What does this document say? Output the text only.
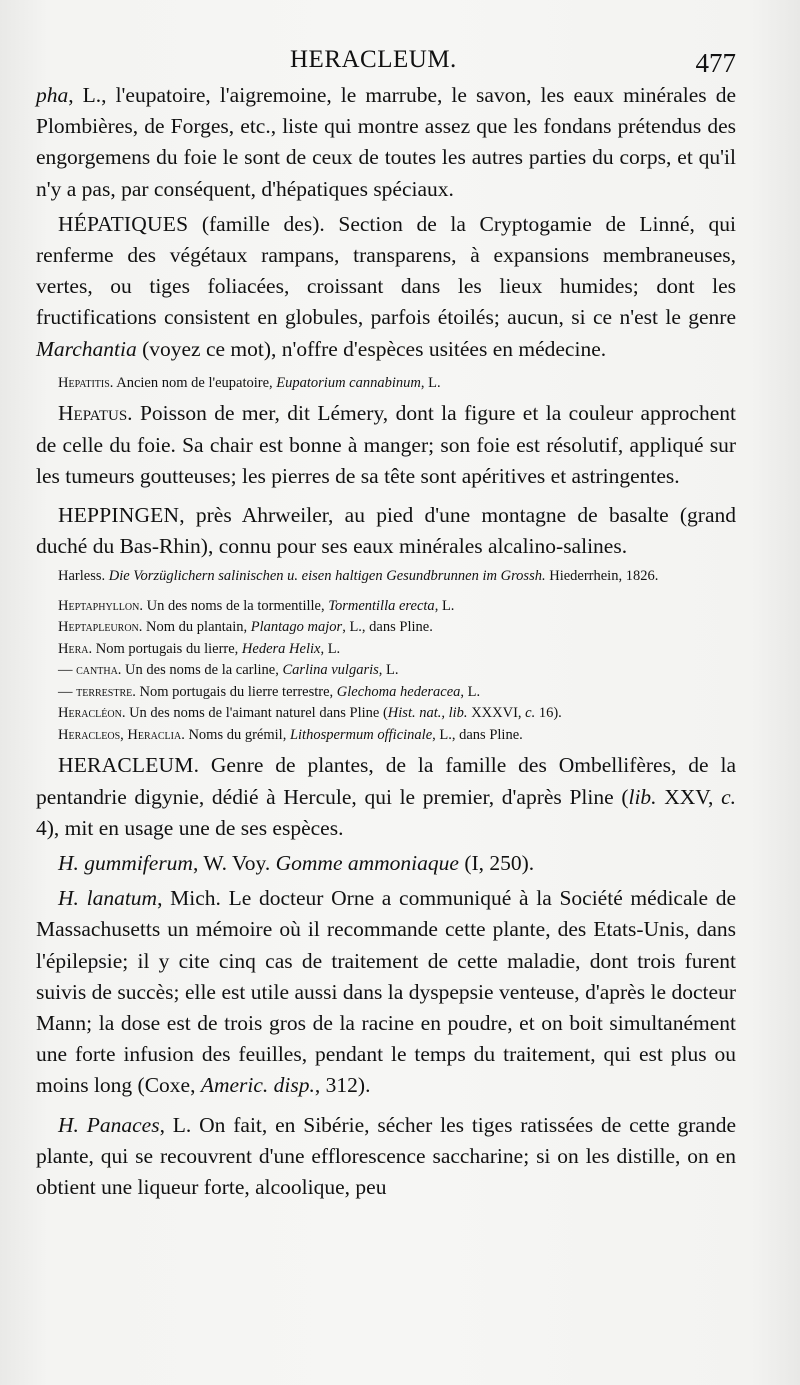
HERACLEUM.	477

pha, L., l'eupatoire, l'aigremoine, le marrube, le savon, les eaux minérales de Plombières, de Forges, etc., liste qui montre assez que les fondans prétendus des engorgemens du foie le sont de ceux de toutes les autres parties du corps, et qu'il n'y a pas, par conséquent, d'hépatiques spéciaux.

HÉPATIQUES (famille des). Section de la Cryptogamie de Linné, qui renferme des végétaux rampans, transparens, à expansions membraneuses, vertes, ou tiges foliacées, croissant dans les lieux humides; dont les fructifications consistent en globules, parfois étoilés; aucun, si ce n'est le genre Marchantia (voyez ce mot), n'offre d'espèces usitées en médecine.

Hepatitis. Ancien nom de l'eupatoire, Eupatorium cannabinum, L.

Hepatus. Poisson de mer, dit Lémery, dont la figure et la couleur approchent de celle du foie. Sa chair est bonne à manger; son foie est résolutif, appliqué sur les tumeurs goutteuses; les pierres de sa tête sont apéritives et astringentes.

HEPPINGEN, près Ahrweiler, au pied d'une montagne de basalte (grand duché du Bas-Rhin), connu pour ses eaux minérales alcalino-salines.

Harless. Die Vorzüglichern salinischen u. eisen haltigen Gesundbrunnen im Grossh. Hiederrhein, 1826.

Heptaphyllon. Un des noms de la tormentille, Tormentilla erecta, L.

Heptapleuron. Nom du plantain, Plantago major, L., dans Pline.

Hera. Nom portugais du lierre, Hedera Helix, L.

— cantha. Un des noms de la carline, Carlina vulgaris, L.

— terrestre. Nom portugais du lierre terrestre, Glechoma hederacea, L.

Heracléon. Un des noms de l'aimant naturel dans Pline (Hist. nat., lib. XXXVI, c. 16).

Heracleos, Heraclia. Noms du grémil, Lithospermum officinale, L., dans Pline.

HERACLEUM. Genre de plantes, de la famille des Ombellifères, de la pentandrie digynie, dédié à Hercule, qui le premier, d'après Pline (lib. XXV, c. 4), mit en usage une de ses espèces.

H. gummiferum, W. Voy. Gomme ammoniaque (I, 250).

H. lanatum, Mich. Le docteur Orne a communiqué à la Société médicale de Massachusetts un mémoire où il recommande cette plante, des Etats-Unis, dans l'épilepsie; il y cite cinq cas de traitement de cette maladie, dont trois furent suivis de succès; elle est utile aussi dans la dyspepsie venteuse, d'après le docteur Mann; la dose est de trois gros de la racine en poudre, et on boit simultanément une forte infusion des feuilles, pendant le temps du traitement, qui est plus ou moins long (Coxe, Americ. disp., 312).

H. Panaces, L. On fait, en Sibérie, sécher les tiges ratissées de cette grande plante, qui se recouvrent d'une efflorescence saccharine; si on les distille, on en obtient une liqueur forte, alcoolique, peu
